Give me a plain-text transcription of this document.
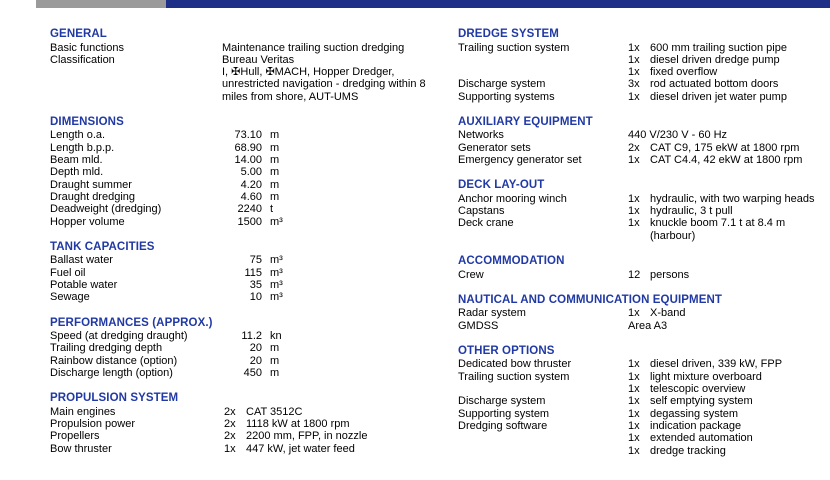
GENERAL
Basic functions	Maintenance trailing suction dredging
Classification	Bureau Veritas
I, ✠Hull, ✠MACH, Hopper Dredger,
unrestricted navigation - dredging within 8
miles from shore, AUT-UMS
DIMENSIONS
Length o.a.	73.10 m
Length b.p.p.	68.90 m
Beam mld.	14.00 m
Depth mld.	5.00 m
Draught summer	4.20 m
Draught dredging	4.60 m
Deadweight (dredging)	2240 t
Hopper volume	1500 m³
TANK CAPACITIES
Ballast water	75 m³
Fuel oil	115 m³
Potable water	35 m³
Sewage	10 m³
PERFORMANCES (APPROX.)
Speed (at dredging draught)	11.2 kn
Trailing dredging depth	20 m
Rainbow distance (option)	20 m
Discharge length (option)	450 m
PROPULSION SYSTEM
Main engines	2x CAT 3512C
Propulsion power	2x 1118 kW at 1800 rpm
Propellers	2x 2200 mm, FPP, in nozzle
Bow thruster	1x 447 kW, jet water feed
DREDGE SYSTEM
Trailing suction system	1x 600 mm trailing suction pipe
1x diesel driven dredge pump
1x fixed overflow
Discharge system	3x rod actuated bottom doors
Supporting systems	1x diesel driven jet water pump
AUXILIARY EQUIPMENT
Networks	440 V/230 V - 60 Hz
Generator sets	2x CAT C9, 175 ekW at 1800 rpm
Emergency generator set	1x CAT C4.4, 42 ekW at 1800 rpm
DECK LAY-OUT
Anchor mooring winch	1x hydraulic, with two warping heads
Capstans	1x hydraulic, 3 t pull
Deck crane	1x knuckle boom 7.1 t at 8.4 m
(harbour)
ACCOMMODATION
Crew	12 persons
NAUTICAL AND COMMUNICATION EQUIPMENT
Radar system	1x X-band
GMDSS	Area A3
OTHER OPTIONS
Dedicated bow thruster	1x diesel driven, 339 kW, FPP
Trailing suction system	1x light mixture overboard
1x telescopic overview
Discharge system	1x self emptying system
Supporting system	1x degassing system
Dredging software	1x indication package
1x extended automation
1x dredge tracking
